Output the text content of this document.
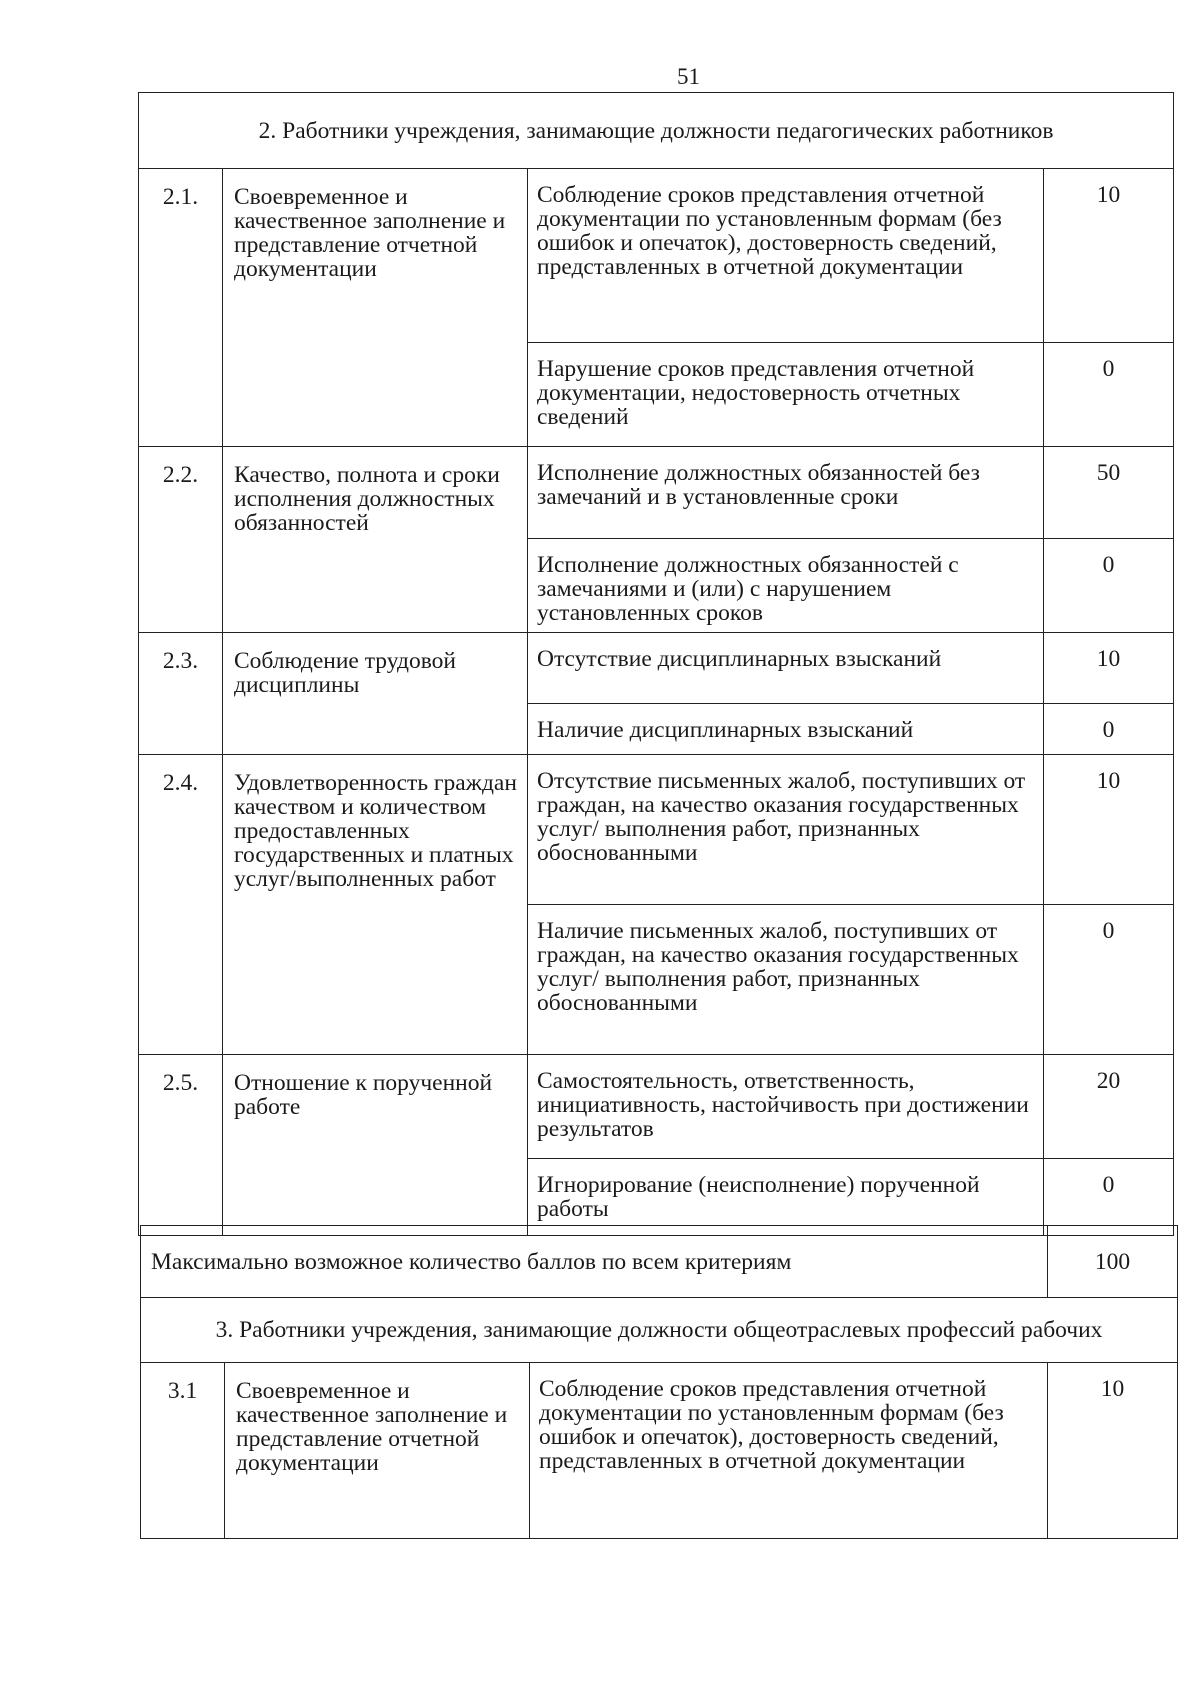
51
2. Работники учреждения, занимающие должности педагогических работников			
2.1.	Своевременное и качественное заполнение и представление отчетной документации	Соблюдение сроков представления отчетной документации по установленным формам (без ошибок и опечаток), достоверность сведений, представленных в отчетной документации	10
		Нарушение сроков представления отчетной документации, недостоверность отчетных сведений	0
2.2.	Качество, полнота и сроки исполнения должностных обязанностей	Исполнение должностных обязанностей без замечаний и в установленные сроки	50
		Исполнение должностных обязанностей с замечаниями и (или) с нарушением установленных сроков	0
2.3.	Соблюдение трудовой дисциплины	Отсутствие дисциплинарных взысканий	10
		Наличие дисциплинарных взысканий	0
2.4.	Удовлетворенность граждан качеством и количеством предоставленных государственных и платных услуг/выполненных работ	Отсутствие письменных жалоб, поступивших от граждан, на качество оказания государственных услуг/ выполнения работ, признанных обоснованными	10
		Наличие письменных жалоб, поступивших от граждан, на качество оказания государственных услуг/ выполнения работ, признанных обоснованными	0
2.5.	Отношение к порученной работе	Самостоятельность, ответственность, инициативность, настойчивость при достижении результатов	20
		Игнорирование (неисполнение) порученной работы	0
Максимально возможное количество баллов по всем критериям	100
3. Работники учреждения, занимающие должности общеотраслевых профессий рабочих
3.1	Своевременное и качественное заполнение и представление отчетной документации	Соблюдение сроков представления отчетной документации по установленным формам (без ошибок и опечаток), достоверность сведений, представленных в отчетной документации	10
